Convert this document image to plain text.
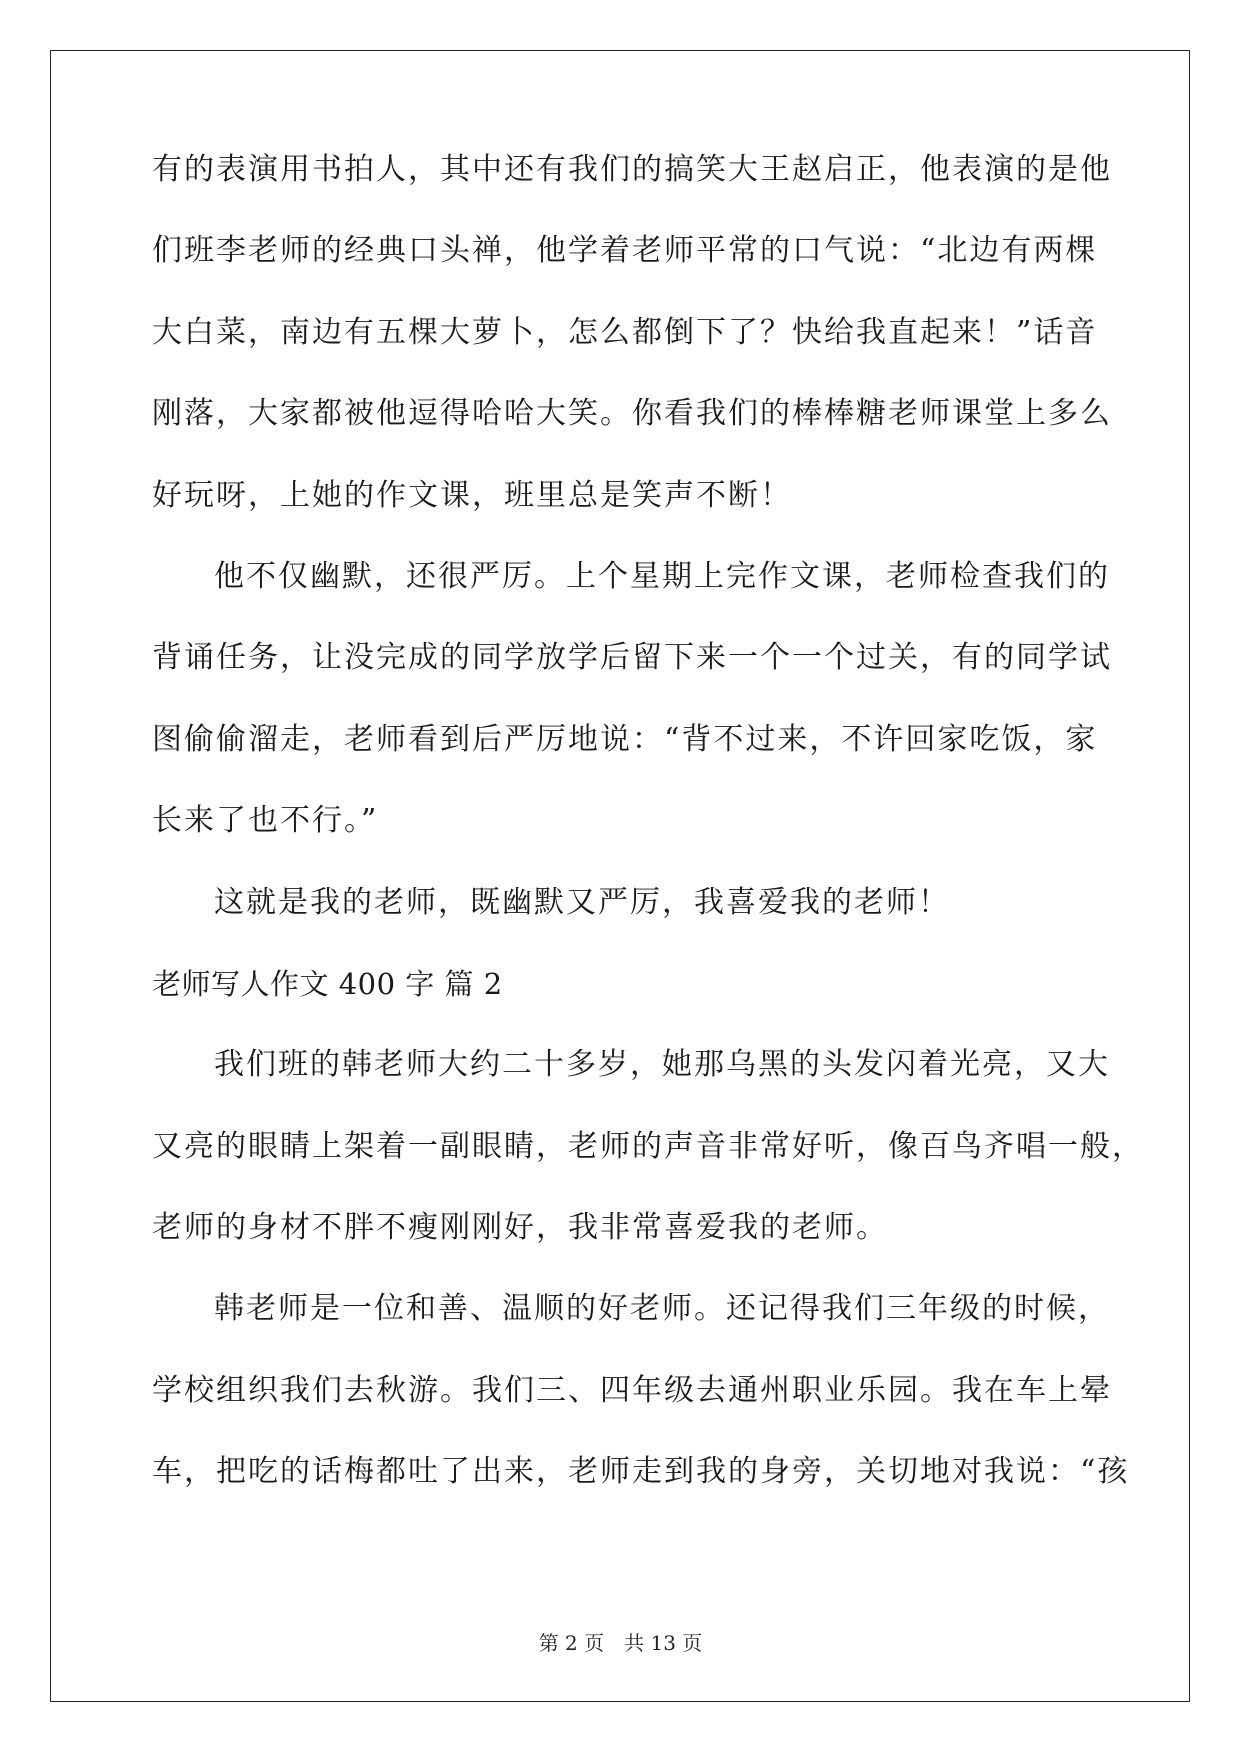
有的表演用书拍人，其中还有我们的搞笑大王赵启正，他表演的是他
们班李老师的经典口头禅，他学着老师平常的口气说：“北边有两棵
大白菜，南边有五棵大萝卜，怎么都倒下了？快给我直起来！”话音
刚落，大家都被他逗得哈哈大笑。你看我们的棒棒糖老师课堂上多么
好玩呀，上她的作文课，班里总是笑声不断！
他不仅幽默，还很严厉。上个星期上完作文课，老师检查我们的
背诵任务，让没完成的同学放学后留下来一个一个过关，有的同学试
图偷偷溜走，老师看到后严厉地说：“背不过来，不许回家吃饭，家
长来了也不行。”
这就是我的老师，既幽默又严厉，我喜爱我的老师！
老师写人作文 400 字 篇 2
我们班的韩老师大约二十多岁，她那乌黑的头发闪着光亮，又大
又亮的眼睛上架着一副眼睛，老师的声音非常好听，像百鸟齐唱一般，
老师的身材不胖不瘦刚刚好，我非常喜爱我的老师。
韩老师是一位和善、温顺的好老师。还记得我们三年级的时候，
学校组织我们去秋游。我们三、四年级去通州职业乐园。我在车上晕
车，把吃的话梅都吐了出来，老师走到我的身旁，关切地对我说：“孩
第 2 页 共 13 页
